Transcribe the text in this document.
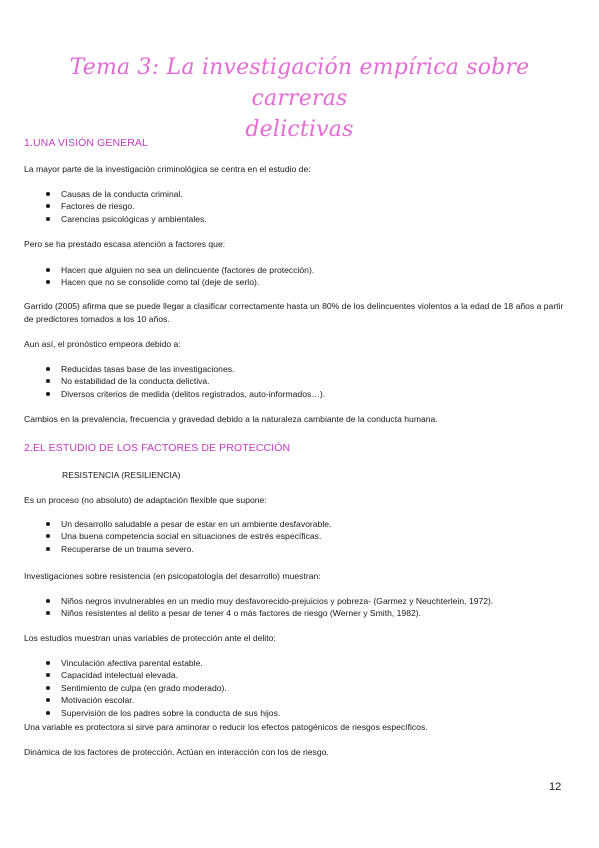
Tema 3: La investigación empírica sobre carreras
delictivas
1.UNA VISIÓN GENERAL

La mayor parte de la investigación criminológica se centra en el estudio de:

Causas de la conducta criminal.
Factores de riesgo.
Carencias psicológicas y ambientales.

Pero se ha prestado escasa atención a factores que:

Hacen que alguien no sea un delincuente (factores de protección).
Hacen que no se consolide como tal (deje de serlo).

Garrido (2005) afirma que se puede llegar a clasificar correctamente hasta un 80% de los delincuentes violentos a la edad de 18 años a partir de predictores tomados a los 10 años.

Aun así, el pronóstico empeora debido a:

Reducidas tasas base de las investigaciones.
No estabilidad de la conducta delictiva.
Diversos criterios de medida (delitos registrados, auto-informados…).

Cambios en la prevalencia, frecuencia y gravedad debido a la naturaleza cambiante de la conducta humana.

2.EL ESTUDIO DE LOS FACTORES DE PROTECCIÓN
RESISTENCIA (RESILIENCIA)

Es un proceso (no absoluto) de adaptación flexible que supone:

Un desarrollo saludable a pesar de estar en un ambiente desfavorable.
Una buena competencia social en situaciones de estrés específicas.
Recuperarse de un trauma severo.

Investigaciones sobre resistencia (en psicopatología del desarrollo) muestran:

Niños negros invulnerables en un medio muy desfavorecido-prejuicios y pobreza- (Garmez y Neuchterlein, 1972).
Niños resistentes al delito a pesar de tener 4 o más factores de riesgo (Werner y Smith, 1982).

Los estudios muestran unas variables de protección ante el delito:

Vinculación afectiva parental estable.
Capacidad intelectual elevada.
Sentimiento de culpa (en grado moderado).
Motivación escolar.
Supervisión de los padres sobre la conducta de sus hijos.

Una variable es protectora si sirve para aminorar o reducir los efectos patogénicos de riesgos específicos.

Dinámica de los factores de protección. Actúan en interacción con los de riesgo.

12
